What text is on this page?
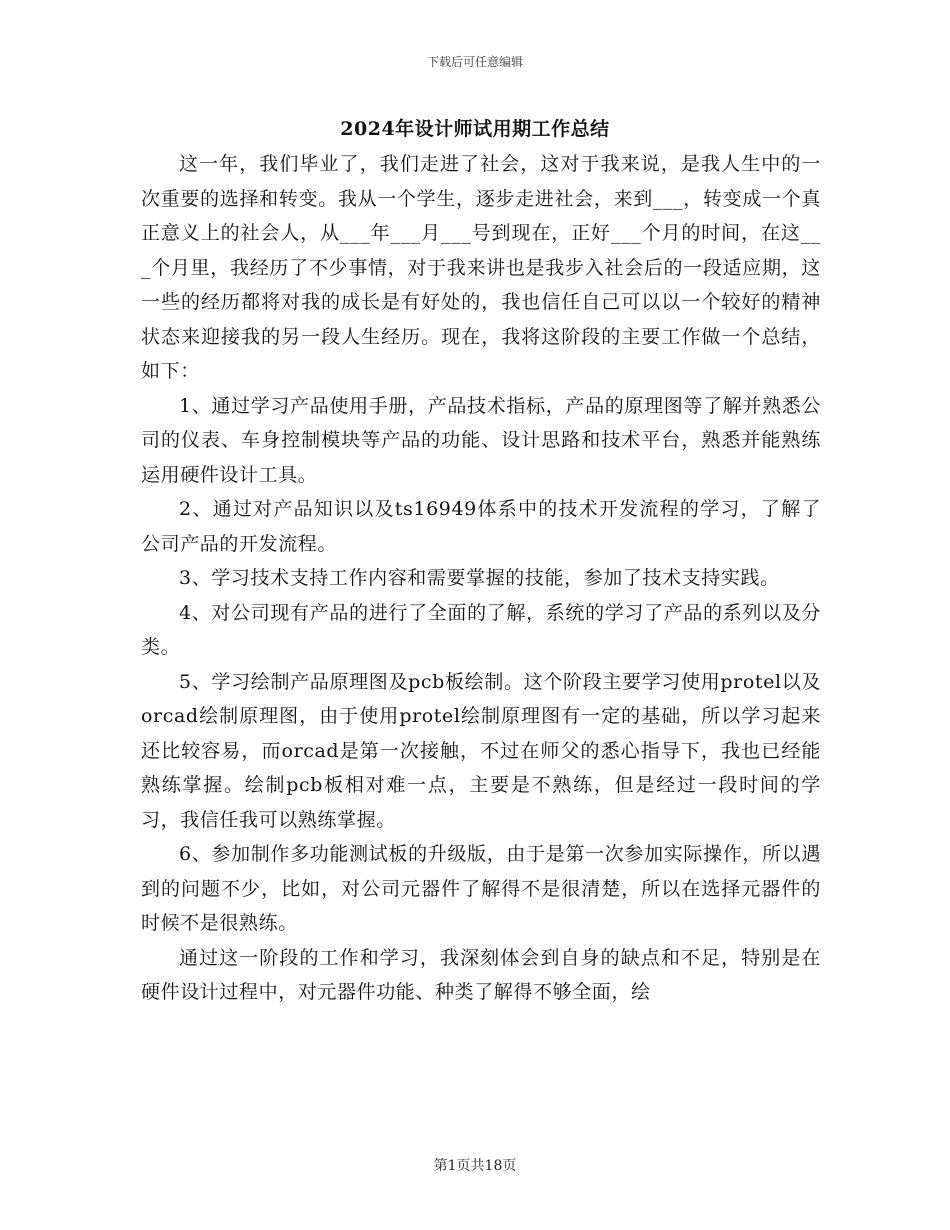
下载后可任意编辑
2024年设计师试用期工作总结

这一年，我们毕业了，我们走进了社会，这对于我来说，是我人生中的一次重要的选择和转变。我从一个学生，逐步走进社会，来到___，转变成一个真正意义上的社会人，从___年___月___号到现在，正好___个月的时间，在这___个月里，我经历了不少事情，对于我来讲也是我步入社会后的一段适应期，这一些的经历都将对我的成长是有好处的，我也信任自己可以以一个较好的精神状态来迎接我的另一段人生经历。现在，我将这阶段的主要工作做一个总结，如下：

1、通过学习产品使用手册，产品技术指标，产品的原理图等了解并熟悉公司的仪表、车身控制模块等产品的功能、设计思路和技术平台，熟悉并能熟练运用硬件设计工具。

2、通过对产品知识以及ts16949体系中的技术开发流程的学习，了解了公司产品的开发流程。

3、学习技术支持工作内容和需要掌握的技能，参加了技术支持实践。

4、对公司现有产品的进行了全面的了解，系统的学习了产品的系列以及分类。

5、学习绘制产品原理图及pcb板绘制。这个阶段主要学习使用protel以及orcad绘制原理图，由于使用protel绘制原理图有一定的基础，所以学习起来还比较容易，而orcad是第一次接触，不过在师父的悉心指导下，我也已经能熟练掌握。绘制pcb板相对难一点，主要是不熟练，但是经过一段时间的学习，我信任我可以熟练掌握。

6、参加制作多功能测试板的升级版，由于是第一次参加实际操作，所以遇到的问题不少，比如，对公司元器件了解得不是很清楚，所以在选择元器件的时候不是很熟练。

通过这一阶段的工作和学习，我深刻体会到自身的缺点和不足，特别是在硬件设计过程中，对元器件功能、种类了解得不够全面，绘

第1页共18页
